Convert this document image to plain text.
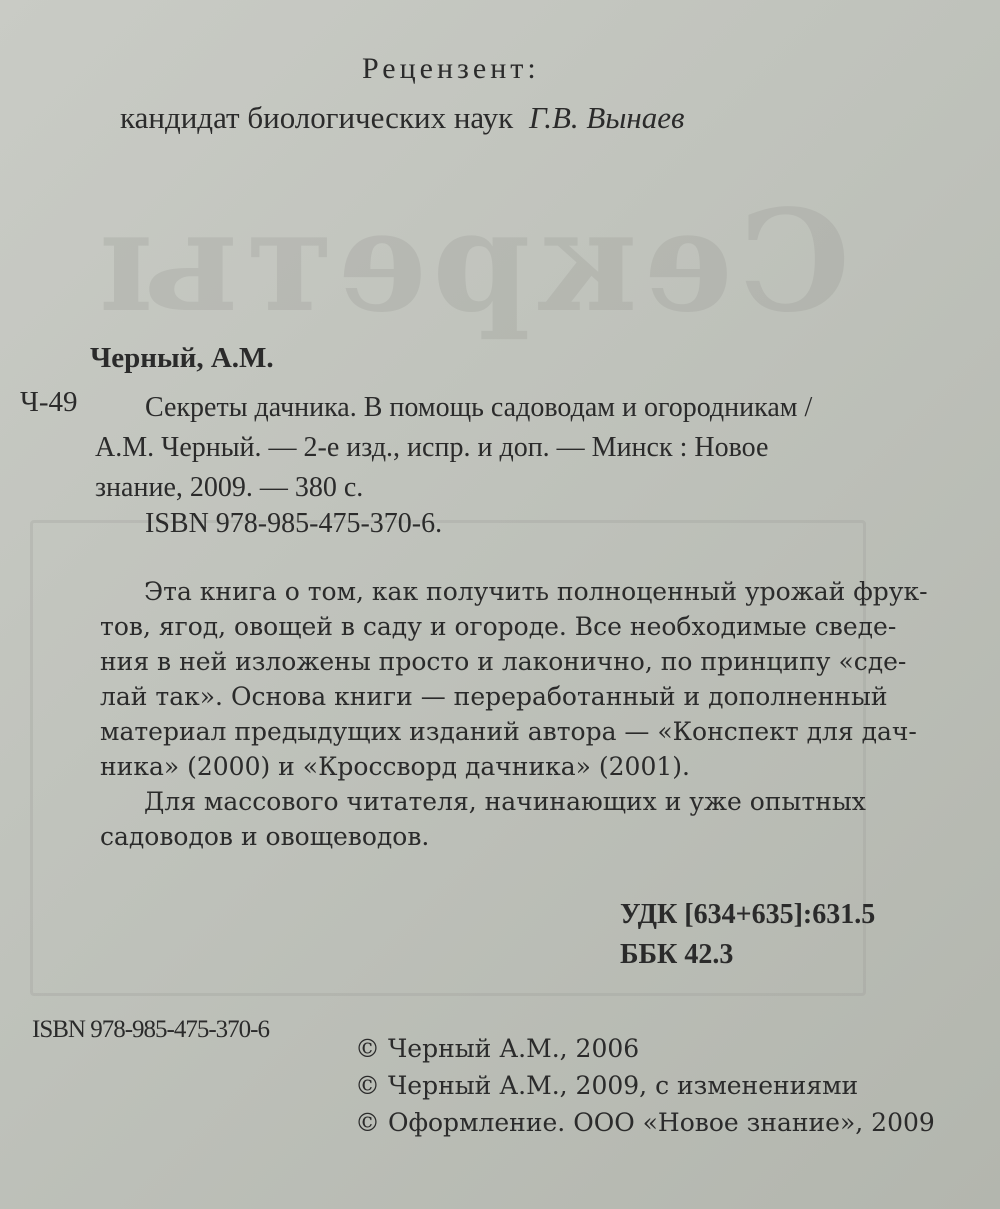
Секреты
Рецензент:
кандидат биологических наук Г.В. Вынаев
Черный, А.М.
Ч-49 Секреты дачника. В помощь садоводам и огородникам /
А.М. Черный. — 2-е изд., испр. и доп. — Минск : Новое
знание, 2009. — 380 с.
ISBN 978-985-475-370-6.

Эта книга о том, как получить полноценный урожай фрук-

тов, ягод, овощей в саду и огороде. Все необходимые сведе-

ния в ней изложены просто и лаконично, по принципу «сде-

лай так». Основа книги — переработанный и дополненный

материал предыдущих изданий автора — «Конспект для дач-

ника» (2000) и «Кроссворд дачника» (2001).

Для массового читателя, начинающих и уже опытных

садоводов и овощеводов.

УДК [634+635]:631.5
ББК 42.3
ISBN 978-985-475-370-6
© Черный А.М., 2006
© Черный А.М., 2009, с изменениями
© Оформление. ООО «Новое знание», 2009
